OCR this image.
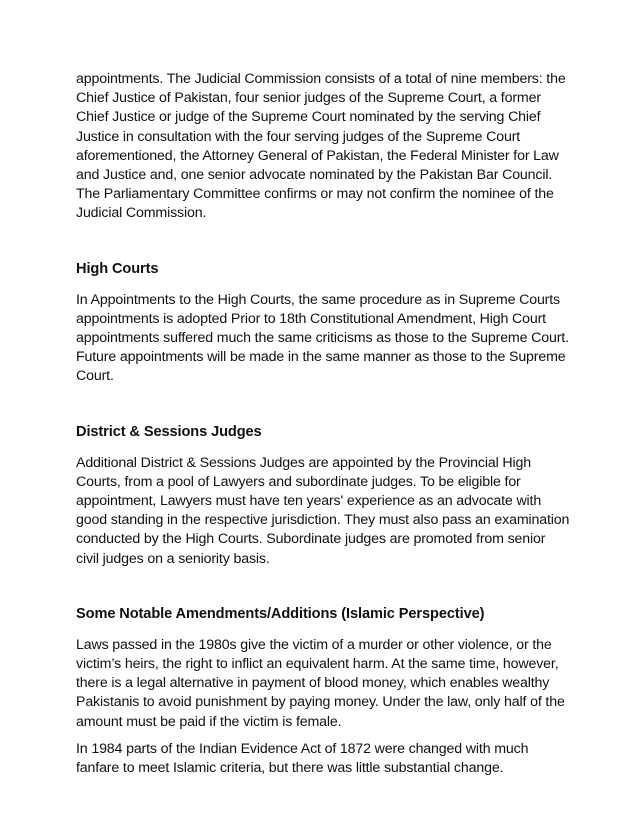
appointments. The Judicial Commission consists of a total of nine members: the Chief Justice of Pakistan, four senior judges of the Supreme Court, a former Chief Justice or judge of the Supreme Court nominated by the serving Chief Justice in consultation with the four serving judges of the Supreme Court aforementioned, the Attorney General of Pakistan, the Federal Minister for Law and Justice and, one senior advocate nominated by the Pakistan Bar Council. The Parliamentary Committee confirms or may not confirm the nominee of the Judicial Commission.

High Courts

In Appointments to the High Courts, the same procedure as in Supreme Courts appointments is adopted Prior to 18th Constitutional Amendment, High Court appointments suffered much the same criticisms as those to the Supreme Court. Future appointments will be made in the same manner as those to the Supreme Court.

District & Sessions Judges

Additional District & Sessions Judges are appointed by the Provincial High Courts, from a pool of Lawyers and subordinate judges. To be eligible for appointment, Lawyers must have ten years' experience as an advocate with good standing in the respective jurisdiction. They must also pass an examination conducted by the High Courts. Subordinate judges are promoted from senior civil judges on a seniority basis.

Some Notable Amendments/Additions (Islamic Perspective)

Laws passed in the 1980s give the victim of a murder or other violence, or the victim’s heirs, the right to inflict an equivalent harm. At the same time, however, there is a legal alternative in payment of blood money, which enables wealthy Pakistanis to avoid punishment by paying money. Under the law, only half of the amount must be paid if the victim is female.

In 1984 parts of the Indian Evidence Act of 1872 were changed with much fanfare to meet Islamic criteria, but there was little substantial change.
